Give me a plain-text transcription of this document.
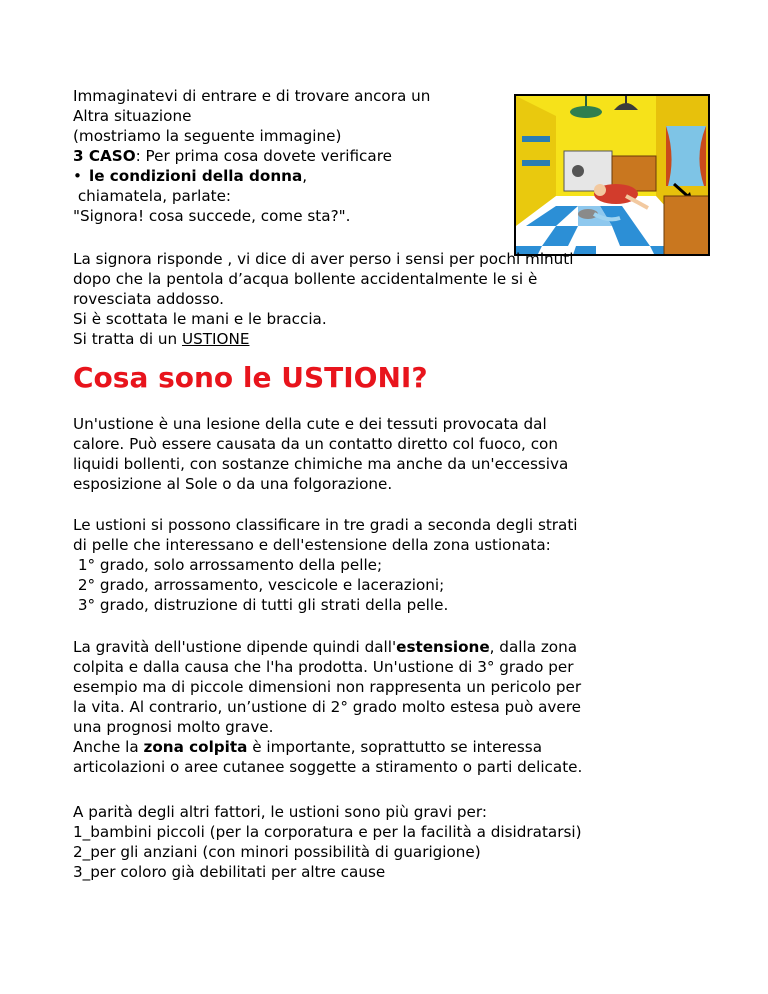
Immaginatevi di entrare e di trovare ancora un
Altra situazione
(mostriamo la seguente immagine)
3 CASO: Per prima cosa dovete verificare
• le condizioni della donna,
chiamatela, parlate:
"Signora! cosa succede, come sta?".
La signora risponde , vi dice di aver perso i sensi per pochi minuti
dopo che la pentola d’acqua bollente accidentalmente le si è
rovesciata addosso.
Si è scottata le mani e le braccia.
Si tratta di un USTIONE
Cosa sono le USTIONI?
Un'ustione è una lesione della cute e dei tessuti provocata dal
calore. Può essere causata da un contatto diretto col fuoco, con
liquidi bollenti, con sostanze chimiche ma anche da un'eccessiva
esposizione al Sole o da una folgorazione.
Le ustioni si possono classificare in tre gradi a seconda degli strati
di pelle che interessano e dell'estensione della zona ustionata:
1° grado, solo arrossamento della pelle;
2° grado, arrossamento, vescicole e lacerazioni;
3° grado, distruzione di tutti gli strati della pelle.
La gravità dell'ustione dipende quindi dall'estensione, dalla zona
colpita e dalla causa che l'ha prodotta. Un'ustione di 3° grado per
esempio ma di piccole dimensioni non rappresenta un pericolo per
la vita. Al contrario, un’ustione di 2° grado molto estesa può avere
una prognosi molto grave.
Anche la zona colpita è importante, soprattutto se interessa
articolazioni o aree cutanee soggette a stiramento o parti delicate.
A parità degli altri fattori, le ustioni sono più gravi per:
1_bambini piccoli (per la corporatura e per la facilità a disidratarsi)
2_per gli anziani (con minori possibilità di guarigione)
3_per coloro già debilitati per altre cause
